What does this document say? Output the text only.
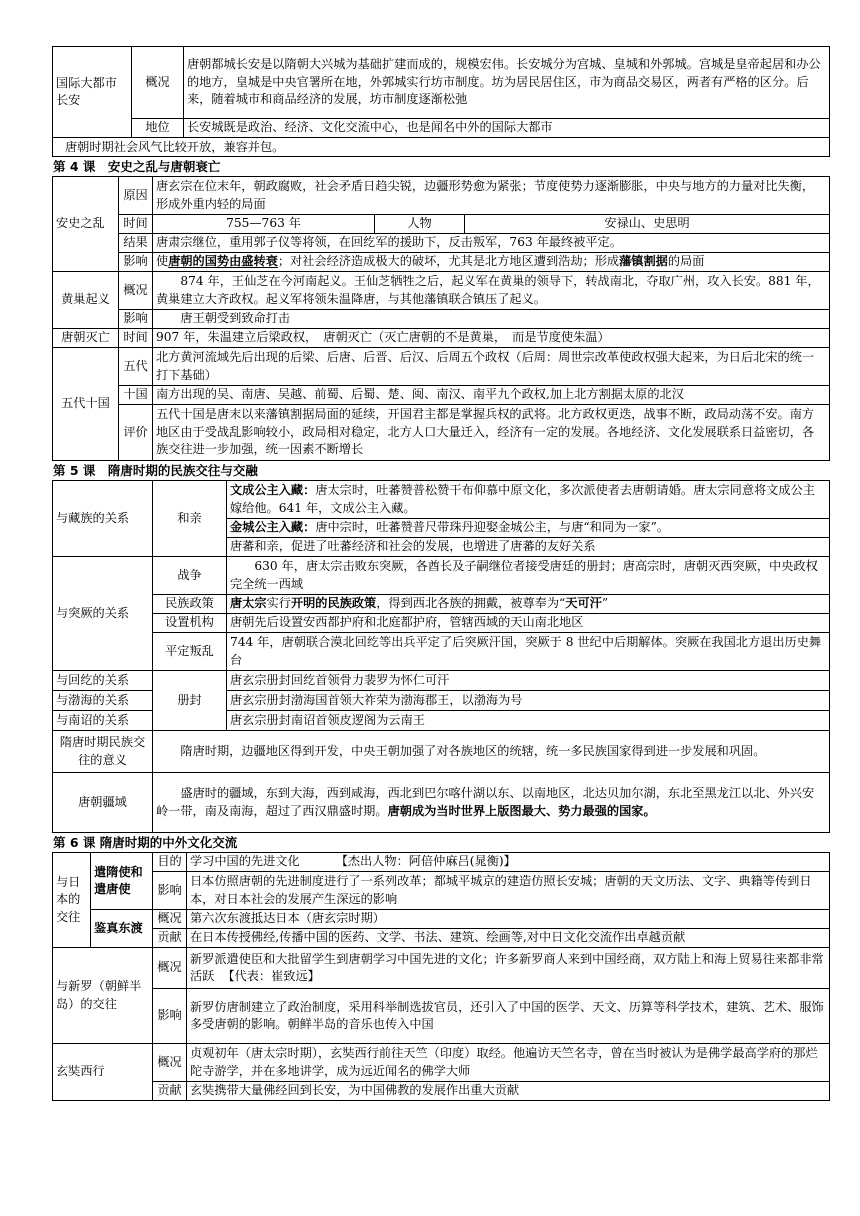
国际大都市长安	概况	唐朝都城长安是以隋朝大兴城为基础扩建而成的，规模宏伟。长安城分为宫城、皇城和外郭城。宫城是皇帝起居和办公的地方，皇城是中央官署所在地，外郭城实行坊市制度。坊为居民居住区，市为商品交易区，两者有严格的区分。后来，随着城市和商品经济的发展，坊市制度逐渐松弛
	地位	长安城既是政治、经济、文化交流中心，也是闻名中外的国际大都市
唐朝时期社会风气比较开放，兼容并包。
第 4 课　安史之乱与唐朝衰亡
安史之乱	原因	唐玄宗在位末年，朝政腐败，社会矛盾日趋尖锐，边疆形势愈为紧张；节度使势力逐渐膨胀，中央与地方的力量对比失衡，形成外重内轻的局面		
	时间	755—763 年	人物	安禄山、史思明
	结果	唐肃宗继位，重用郭子仪等将领，在回纥军的援助下，反击叛军，763 年最终被平定。		
	影响	使唐朝的国势由盛转衰；对社会经济造成极大的破坏，尤其是北方地区遭到浩劫；形成藩镇割据的局面		
黄巢起义	概况	874 年，王仙芝在今河南起义。王仙芝牺牲之后，起义军在黄巢的领导下，转战南北，夺取广州，攻入长安。881 年，黄巢建立大齐政权。起义军将领朱温降唐，与其他藩镇联合镇压了起义。		
	影响	唐王朝受到致命打击		
唐朝灭亡	时间	907 年，朱温建立后梁政权，　唐朝灭亡（灭亡唐朝的不是黄巢，　而是节度使朱温）		
五代十国	五代	北方黄河流域先后出现的后梁、后唐、后晋、后汉、后周五个政权（后周：周世宗改革使政权强大起来，为日后北宋的统一打下基础）		
	十国	南方出现的吴、南唐、吴越、前蜀、后蜀、楚、闽、南汉、南平九个政权,加上北方割据太原的北汉		
	评价	五代十国是唐末以来藩镇割据局面的延续，开国君主都是掌握兵权的武将。北方政权更迭，战事不断，政局动荡不安。南方地区由于受战乱影响较小，政局相对稳定，北方人口大量迁入，经济有一定的发展。各地经济、文化发展联系日益密切，各族交往进一步加强，统一因素不断增长		
第 5 课　隋唐时期的民族交往与交融
与藏族的关系	和亲	文成公主入藏：唐太宗时，吐蕃赞普松赞干布仰慕中原文化，多次派使者去唐朝请婚。唐太宗同意将文成公主嫁给他。641 年，文成公主入藏。
		金城公主入藏：唐中宗时，吐蕃赞普尺带珠丹迎娶金城公主，与唐“和同为一家”。
		唐蕃和亲，促进了吐蕃经济和社会的发展，也增进了唐蕃的友好关系
与突厥的关系	战争	630 年，唐太宗击败东突厥，各酋长及子嗣继位者接受唐廷的册封；唐高宗时，唐朝灭西突厥，中央政权完全统一西域
	民族政策	唐太宗实行开明的民族政策，得到西北各族的拥戴，被尊奉为“天可汗”
	设置机构	唐朝先后设置安西都护府和北庭都护府，管辖西域的天山南北地区
	平定叛乱	744 年，唐朝联合漠北回纥等出兵平定了后突厥汗国，突厥于 8 世纪中后期解体。突厥在我国北方退出历史舞台
与回纥的关系	册封	唐玄宗册封回纥首领骨力裴罗为怀仁可汗
与渤海的关系		唐玄宗册封渤海国首领大祚荣为渤海郡王，以渤海为号
与南诏的关系		唐玄宗册封南诏首领皮逻阁为云南王
隋唐时期民族交往的意义	隋唐时期，边疆地区得到开发，中央王朝加强了对各族地区的统辖，统一多民族国家得到进一步发展和巩固。	
唐朝疆域	盛唐时的疆域，东到大海，西到咸海，西北到巴尔喀什湖以东、以南地区，北达贝加尔湖，东北至黑龙江以北、外兴安岭一带，南及南海，超过了西汉鼎盛时期。唐朝成为当时世界上版图最大、势力最强的国家。	
第 6 课 隋唐时期的中外文化交流
与日本的交往	遣隋使和遣唐使	目的	学习中国的先进文化 【杰出人物：阿倍仲麻吕(晁衡)】
		影响	日本仿照唐朝的先进制度进行了一系列改革；都城平城京的建造仿照长安城；唐朝的天文历法、文字、典籍等传到日本，对日本社会的发展产生深远的影响
	鉴真东渡	概况	第六次东渡抵达日本（唐玄宗时期）
		贡献	在日本传授佛经,传播中国的医药、文学、书法、建筑、绘画等,对中日文化交流作出卓越贡献
与新罗（朝鲜半岛）的交往		概况	新罗派遣使臣和大批留学生到唐朝学习中国先进的文化；许多新罗商人来到中国经商，双方陆上和海上贸易往来都非常活跃 【代表：崔致远】
		影响	新罗仿唐制建立了政治制度，采用科举制选拔官员，还引入了中国的医学、天文、历算等科学技术，建筑、艺术、服饰多受唐朝的影响。朝鲜半岛的音乐也传入中国
玄奘西行		概况	贞观初年（唐太宗时期），玄奘西行前往天竺（印度）取经。他遍访天竺名寺，曾在当时被认为是佛学最高学府的那烂陀寺游学，并在多地讲学，成为远近闻名的佛学大师
		贡献	玄奘携带大量佛经回到长安，为中国佛教的发展作出重大贡献
